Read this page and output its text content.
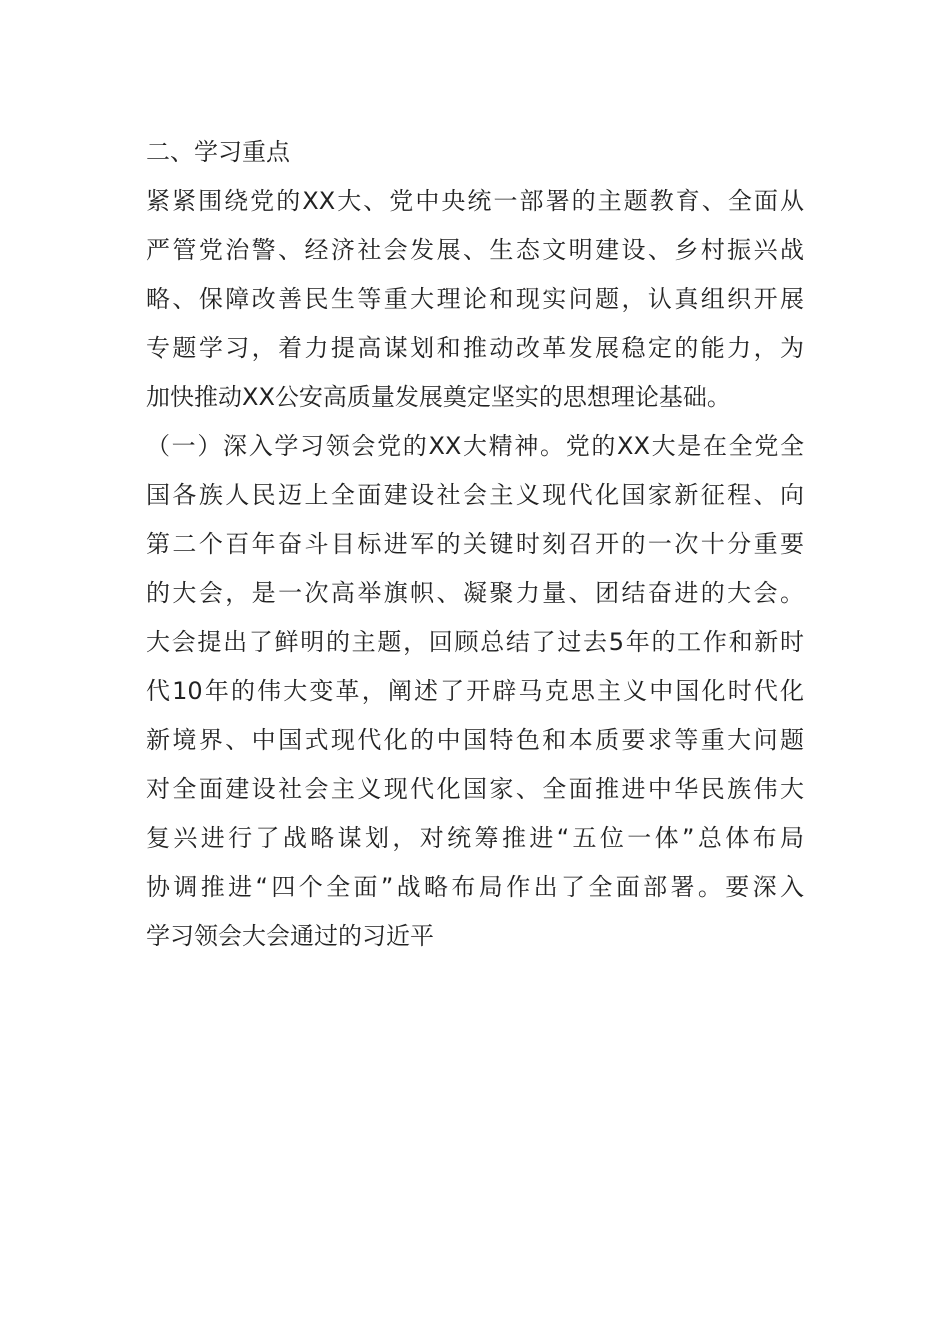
二、学习重点
紧紧围绕党的XX大、党中央统一部署的主题教育、全面从
严管党治警、经济社会发展、生态文明建设、乡村振兴战
略、保障改善民生等重大理论和现实问题，认真组织开展
专题学习，着力提高谋划和推动改革发展稳定的能力，为
加快推动XX公安高质量发展奠定坚实的思想理论基础。
（一）深入学习领会党的XX大精神。党的XX大是在全党全
国各族人民迈上全面建设社会主义现代化国家新征程、向
第二个百年奋斗目标进军的关键时刻召开的一次十分重要
的大会，是一次高举旗帜、凝聚力量、团结奋进的大会。
大会提出了鲜明的主题，回顾总结了过去5年的工作和新时
代10年的伟大变革，阐述了开辟马克思主义中国化时代化
新境界、中国式现代化的中国特色和本质要求等重大问题
对全面建设社会主义现代化国家、全面推进中华民族伟大
复兴进行了战略谋划，对统筹推进“五位一体”总体布局
协调推进“四个全面”战略布局作出了全面部署。要深入
学习领会大会通过的习近平
